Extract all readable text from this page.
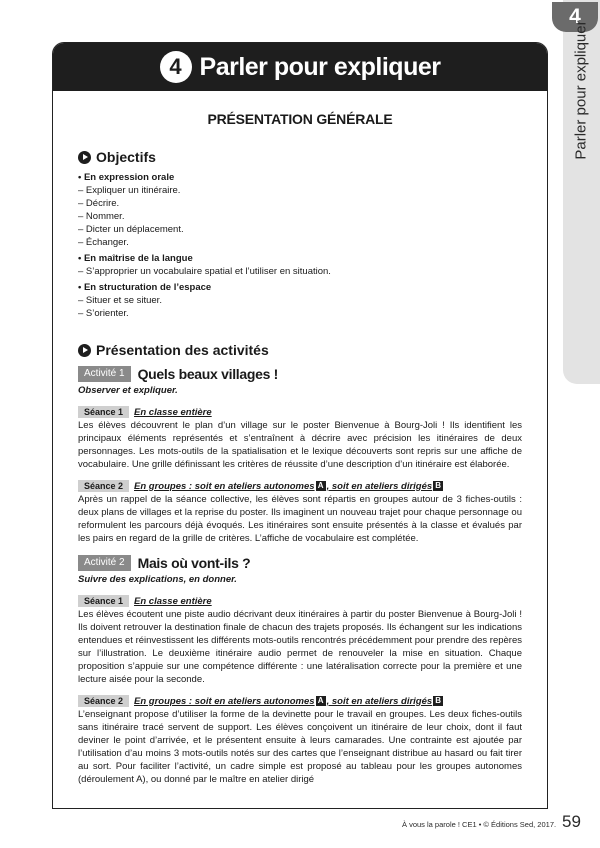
4
Parler pour expliquer
4 Parler pour expliquer
PRÉSENTATION GÉNÉRALE
Objectifs
• En expression orale
– Expliquer un itinéraire.
– Décrire.
– Nommer.
– Dicter un déplacement.
– Échanger.
• En maîtrise de la langue
– S’approprier un vocabulaire spatial et l’utiliser en situation.
• En structuration de l’espace
– Situer et se situer.
– S’orienter.
Présentation des activités
Activité 1 Quels beaux villages !
Observer et expliquer.
Séance 1	En classe entière
Les élèves découvrent le plan d’un village sur le poster Bienvenue à Bourg-Joli ! Ils identifient les principaux éléments représentés et s’entraînent à décrire avec précision les itinéraires de deux personnages. Les mots-outils de la spatialisation et le lexique découverts sont repris sur une affiche de vocabulaire. Une grille définissant les critères de réussite d’une description d’un itinéraire est élaborée.
Séance 2	En groupes : soit en ateliers autonomes A , soit en ateliers dirigés B
Après un rappel de la séance collective, les élèves sont répartis en groupes autour de 3 fiches-outils : deux plans de villages et la reprise du poster. Ils imaginent un nouveau trajet pour chaque personnage ou reformulent les parcours déjà évoqués. Les itinéraires sont ensuite présentés à la classe et évalués par les pairs en regard de la grille de critères. L’affiche de vocabulaire est complétée.
Activité 2 Mais où vont-ils ?
Suivre des explications, en donner.
Séance 1	En classe entière
Les élèves écoutent une piste audio décrivant deux itinéraires à partir du poster Bienvenue à Bourg-Joli ! Ils doivent retrouver la destination finale de chacun des trajets proposés. Ils échangent sur les indications entendues et réinvestissent les différents mots-outils rencontrés précédemment pour prendre des repères sur l’illustration. Le deuxième itinéraire audio permet de renouveler la mise en situation. Chaque proposition s’appuie sur une compétence différente : une latéralisation correcte pour la première et une lecture aisée pour la seconde.
Séance 2	En groupes : soit en ateliers autonomes A , soit en ateliers dirigés B
L’enseignant propose d’utiliser la forme de la devinette pour le travail en groupes. Les deux fiches-outils sans itinéraire tracé servent de support. Les élèves conçoivent un itinéraire de leur choix, dont il faut deviner le point d’arrivée, et le présentent ensuite à leurs camarades. Une contrainte est ajoutée par l’utilisation d’au moins 3 mots-outils notés sur des cartes que l’enseignant distribue au hasard ou fait tirer au sort. Pour faciliter l’activité, un cadre simple est proposé au tableau pour les groupes autonomes (déroulement A), ou donné par le maître en atelier dirigé
À vous la parole ! CE1 • © Éditions Sed, 2017. 59
